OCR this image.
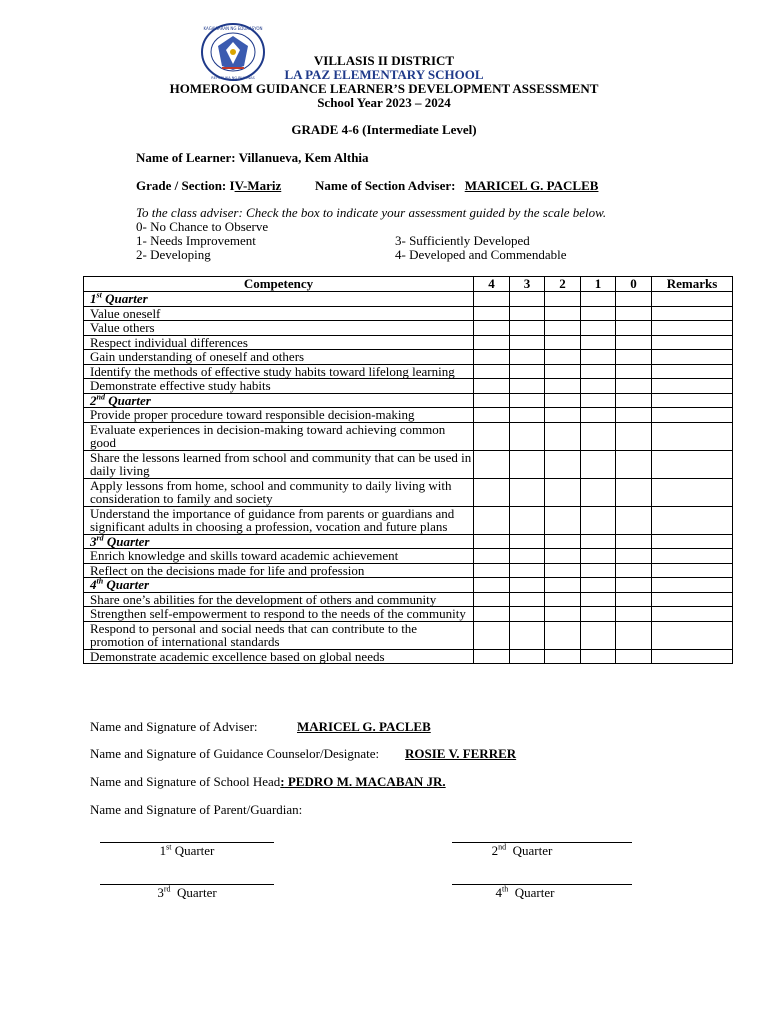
KAGAWARAN NG EDUKASYON
REPUBLIKA NG PILIPINAS
VILLASIS II DISTRICT
LA PAZ ELEMENTARY SCHOOL
HOMEROOM GUIDANCE LEARNER’S DEVELOPMENT ASSESSMENT
School Year 2023 – 2024
GRADE 4-6 (Intermediate Level)
Name of Learner: Villanueva, Kem Althia
Grade / Section: IV-Mariz	Name of Section Adviser: MARICEL G. PACLEB
To the class adviser: Check the box to indicate your assessment guided by the scale below.
0- No Chance to Observe
1- Needs Improvement
2- Developing
3- Sufficiently Developed
4- Developed and Commendable
Competency	4	3	2	1	0	Remarks
1st Quarter						
Value oneself						
Value others						
Respect individual differences						
Gain understanding of oneself and others						
Identify the methods of effective study habits toward lifelong learning						
Demonstrate effective study habits						
2nd Quarter						
Provide proper procedure toward responsible decision-making						
Evaluate experiences in decision-making toward achieving common good						
Share the lessons learned from school and community that can be used in daily living						
Apply lessons from home, school and community to daily living with consideration to family and society						
Understand the importance of guidance from parents or guardians and significant adults in choosing a profession, vocation and future plans						
3rd Quarter						
Enrich knowledge and skills toward academic achievement						
Reflect on the decisions made for life and profession						
4th Quarter						
Share one’s abilities for the development of others and community						
Strengthen self-empowerment to respond to the needs of the community						
Respond to personal and social needs that can contribute to the promotion of international standards						
Demonstrate academic excellence based on global needs						
Name and Signature of Adviser:	MARICEL G. PACLEB
Name and Signature of Guidance Counselor/Designate: ROSIE V. FERRER
Name and Signature of School Head: PEDRO M. MACABAN JR.
Name and Signature of Parent/Guardian:
1st Quarter	2nd  Quarter
3rd  Quarter	4th  Quarter
